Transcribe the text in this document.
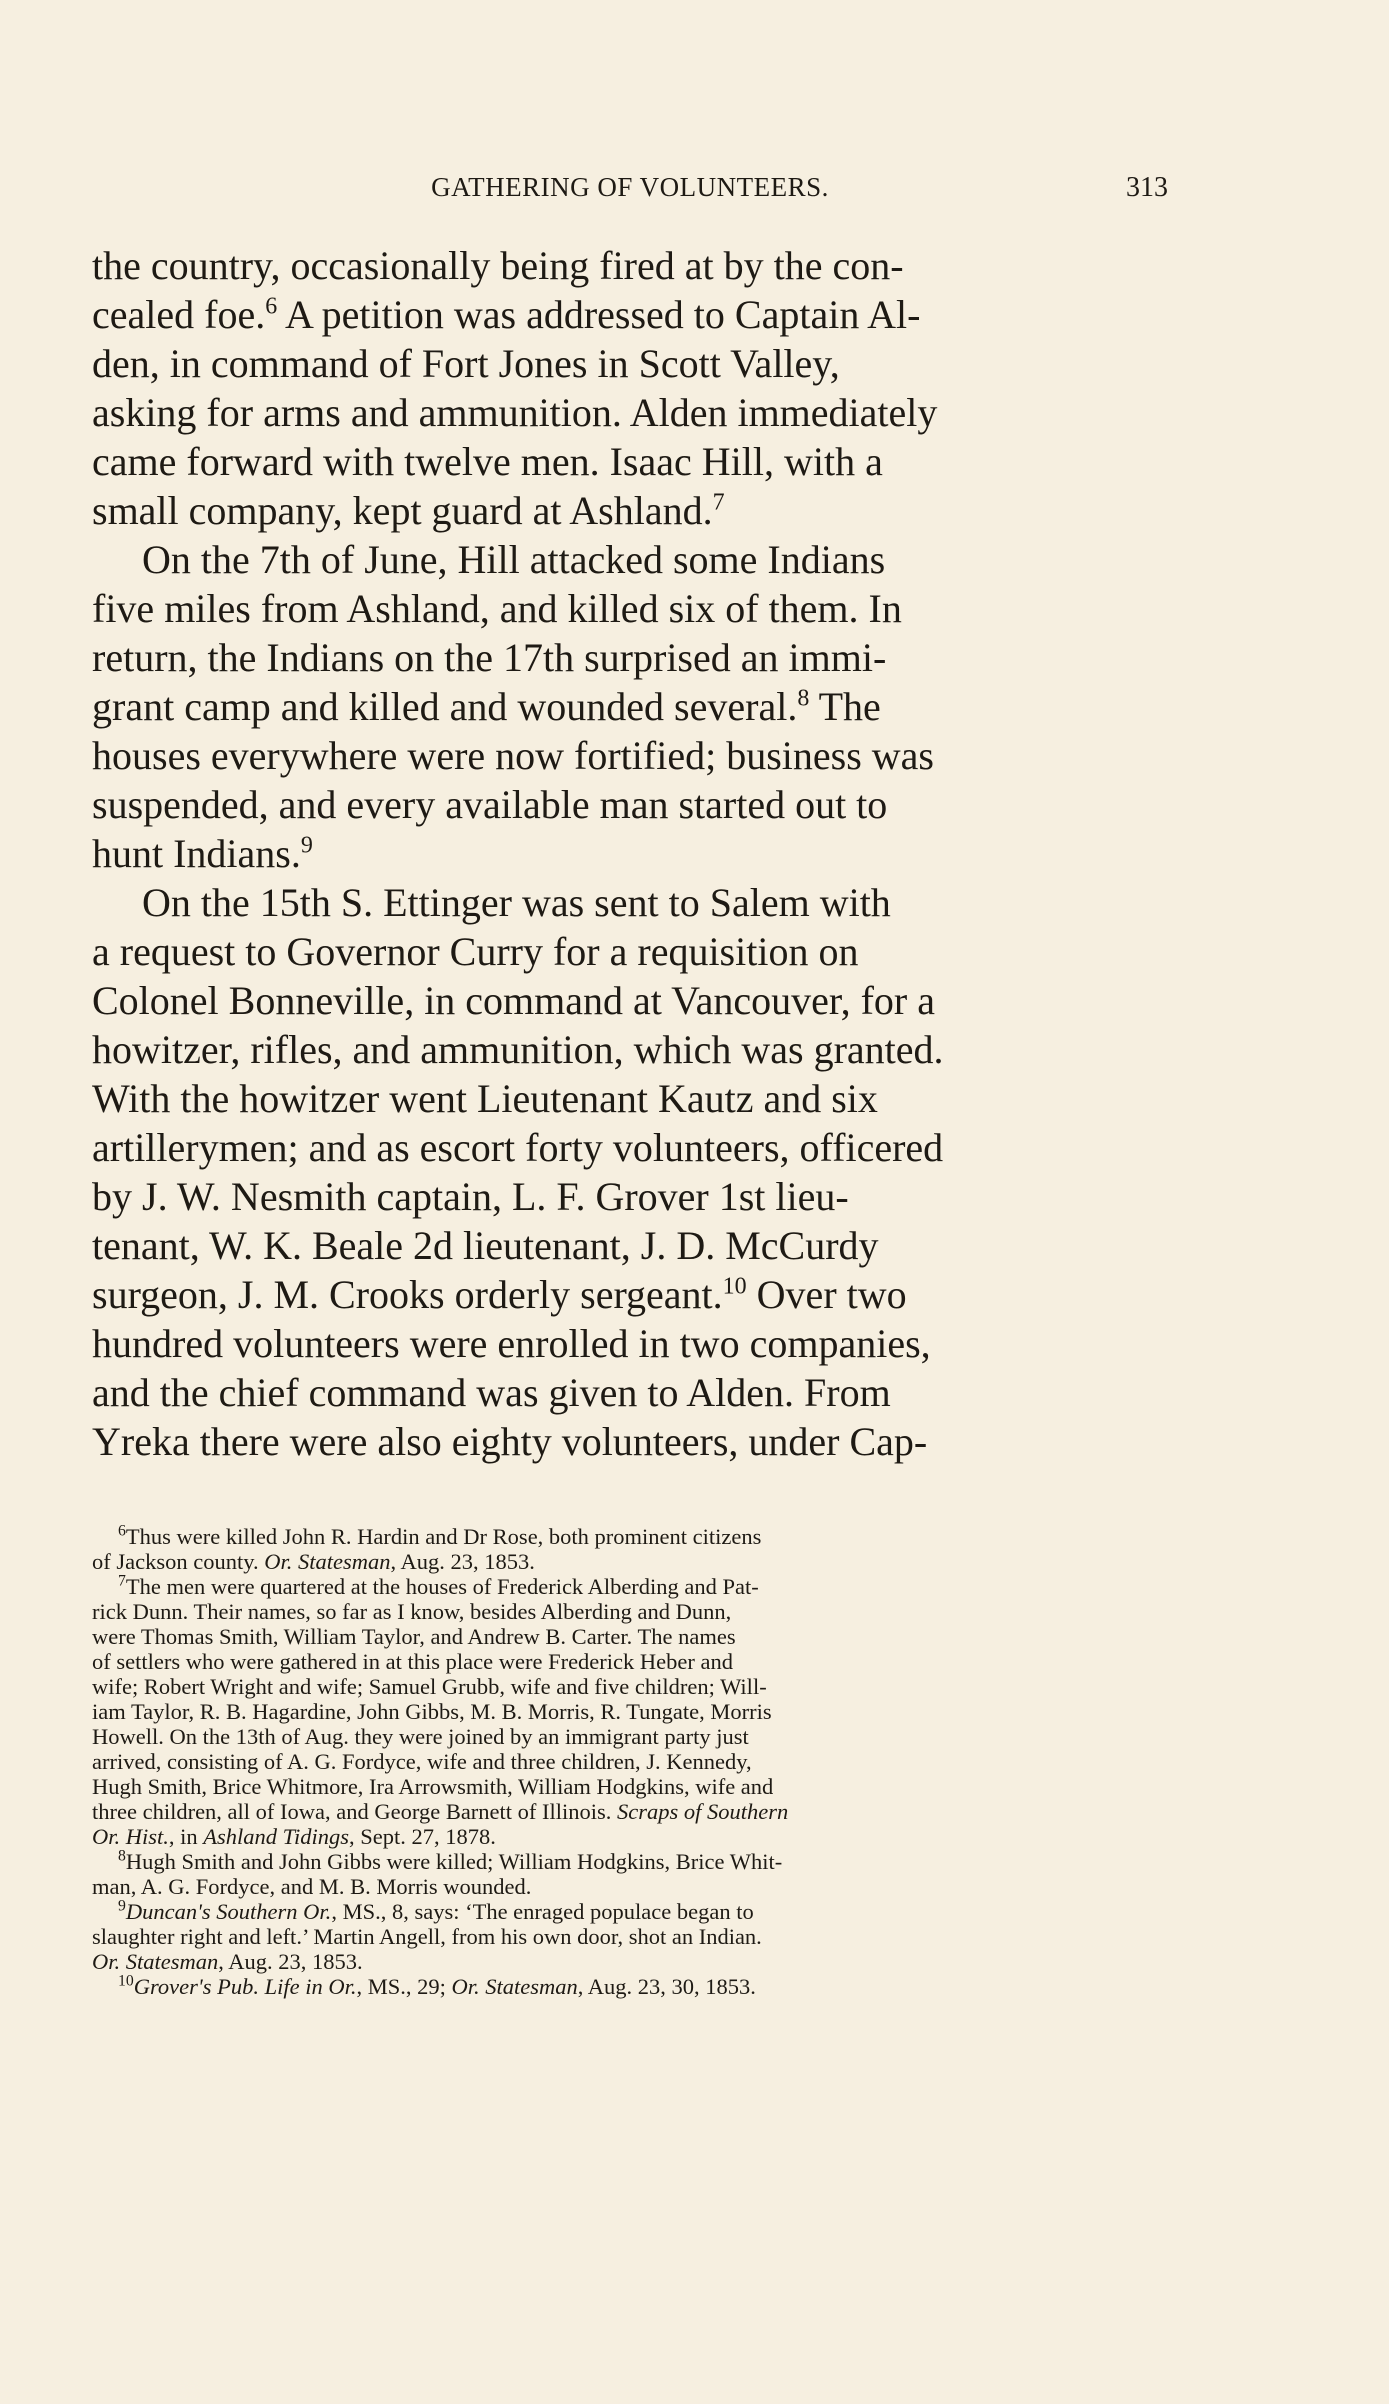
GATHERING OF VOLUNTEERS.	313
the country, occasionally being fired at by the con-
cealed foe.$^6$ A petition was addressed to Captain Al-
den, in command of Fort Jones in Scott Valley,
asking for arms and ammunition. Alden immediately
came forward with twelve men. Isaac Hill, with a
small company, kept guard at Ashland.$^7$
On the 7th of June, Hill attacked some Indians
five miles from Ashland, and killed six of them. In
return, the Indians on the 17th surprised an immi-
grant camp and killed and wounded several.$^8$ The
houses everywhere were now fortified; business was
suspended, and every available man started out to
hunt Indians.$^9$
On the 15th S. Ettinger was sent to Salem with
a request to Governor Curry for a requisition on
Colonel Bonneville, in command at Vancouver, for a
howitzer, rifles, and ammunition, which was granted.
With the howitzer went Lieutenant Kautz and six
artillerymen; and as escort forty volunteers, officered
by J. W. Nesmith captain, L. F. Grover 1st lieu-
tenant, W. K. Beale 2d lieutenant, J. D. McCurdy
surgeon, J. M. Crooks orderly sergeant.$^{10}$ Over two
hundred volunteers were enrolled in two companies,
and the chief command was given to Alden. From
Yreka there were also eighty volunteers, under Cap-
$^6$Thus were killed John R. Hardin and Dr Rose, both prominent citizens
of Jackson county. Or. Statesman, Aug. 23, 1853.
$^7$The men were quartered at the houses of Frederick Alberding and Pat-
rick Dunn. Their names, so far as I know, besides Alberding and Dunn,
were Thomas Smith, William Taylor, and Andrew B. Carter. The names
of settlers who were gathered in at this place were Frederick Heber and
wife; Robert Wright and wife; Samuel Grubb, wife and five children; Will-
iam Taylor, R. B. Hagardine, John Gibbs, M. B. Morris, R. Tungate, Morris
Howell. On the 13th of Aug. they were joined by an immigrant party just
arrived, consisting of A. G. Fordyce, wife and three children, J. Kennedy,
Hugh Smith, Brice Whitmore, Ira Arrowsmith, William Hodgkins, wife and
three children, all of Iowa, and George Barnett of Illinois. Scraps of Southern
Or. Hist., in Ashland Tidings, Sept. 27, 1878.
$^8$Hugh Smith and John Gibbs were killed; William Hodgkins, Brice Whit-
man, A. G. Fordyce, and M. B. Morris wounded.
$^9$Duncan's Southern Or., MS., 8, says: ‘The enraged populace began to
slaughter right and left.’ Martin Angell, from his own door, shot an Indian.
Or. Statesman, Aug. 23, 1853.
$^{10}$Grover's Pub. Life in Or., MS., 29; Or. Statesman, Aug. 23, 30, 1853.
